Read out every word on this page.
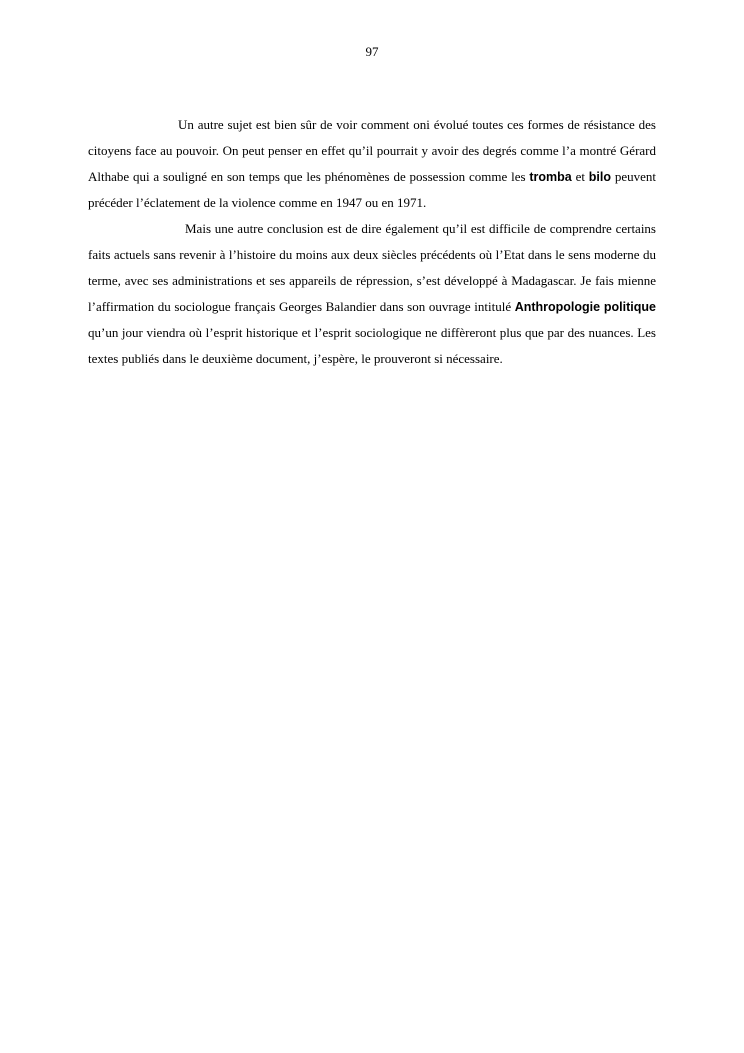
97

Un autre sujet est bien sûr de voir comment oni évolué toutes ces formes de résistance des citoyens face au pouvoir. On peut penser en effet qu’il pourrait y avoir des degrés comme l’a montré Gérard Althabe qui a souligné en son temps que les phénomènes de possession comme les tromba et bilo peuvent précéder l’éclatement de la violence comme en 1947 ou en 1971.

Mais une autre conclusion est de dire également qu’il est difficile de comprendre certains faits actuels sans revenir à l’histoire du moins aux deux siècles précédents où l’Etat dans le sens moderne du terme, avec ses administrations et ses appareils de répression, s’est développé à Madagascar. Je fais mienne l’affirmation du sociologue français Georges Balandier dans son ouvrage intitulé Anthropologie politique qu’un jour viendra où l’esprit historique et l’esprit sociologique ne diffèreront plus que par des nuances. Les textes publiés dans le deuxième document, j’espère, le prouveront si nécessaire.
